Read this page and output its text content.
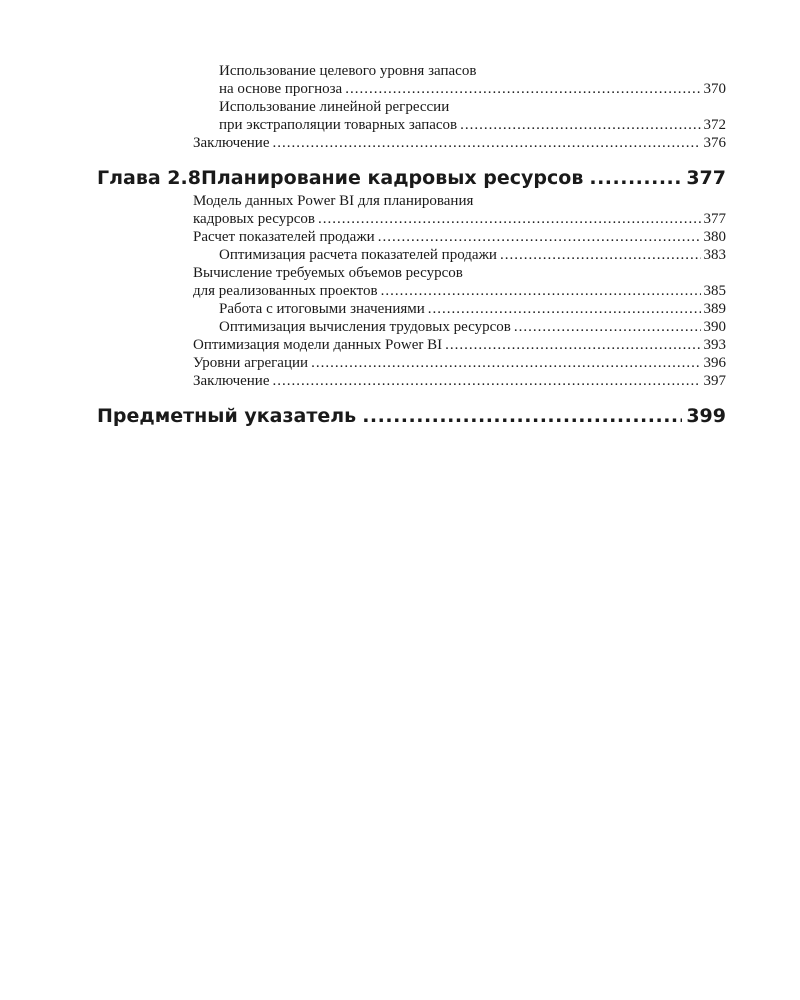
Использование целевого уровня запасов
на основе прогноза .....	370
Использование линейной регрессии
при экстраполяции товарных запасов .....	372
Заключение .....	376
Глава 2.8 Планирование кадровых ресурсов .....	377
Модель данных Power BI для планирования
кадровых ресурсов .....	377
Расчет показателей продажи .....	380
Оптимизация расчета показателей продажи .....	383
Вычисление требуемых объемов ресурсов
для реализованных проектов .....	385
Работа с итоговыми значениями .....	389
Оптимизация вычисления трудовых ресурсов .....	390
Оптимизация модели данных Power BI .....	393
Уровни агрегации .....	396
Заключение .....	397
Предметный указатель .....	399
